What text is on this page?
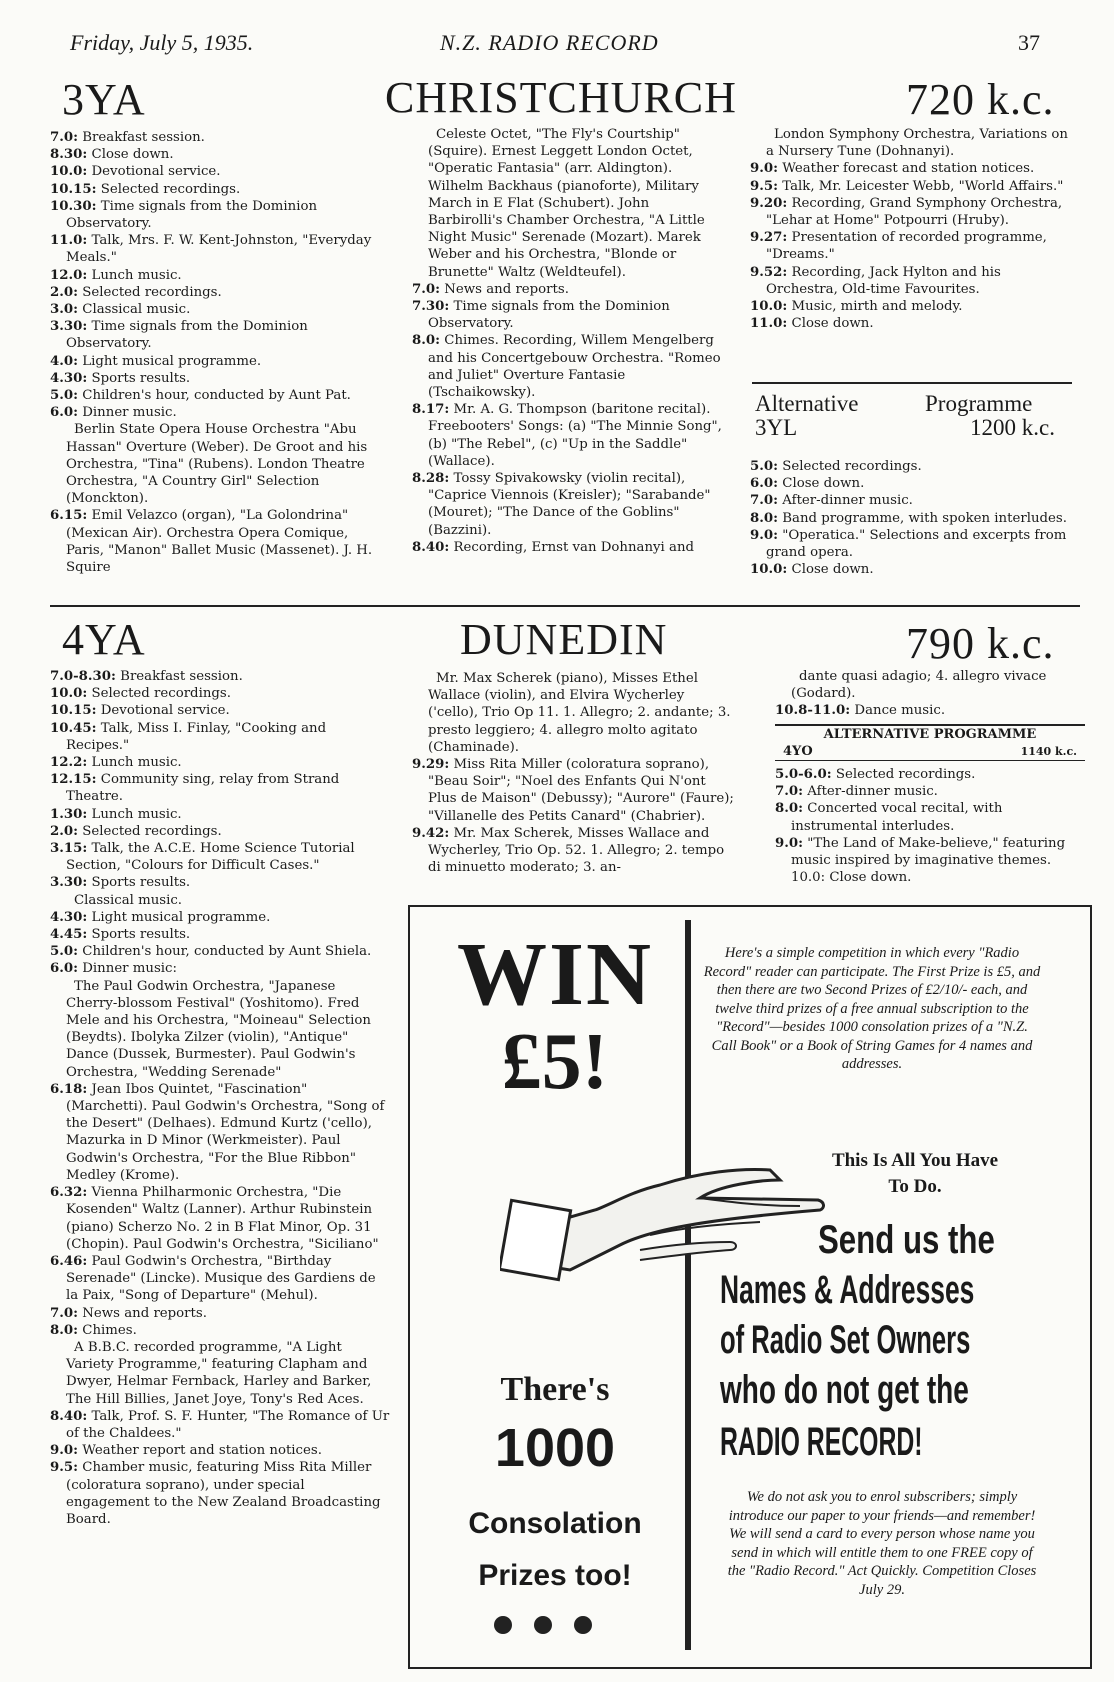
Friday, July 5, 1935.	N.Z. RADIO RECORD	37
3YA	CHRISTCHURCH	720 k.c.

7.0: Breakfast session.

8.30: Close down.

10.0: Devotional service.

10.15: Selected recordings.

10.30: Time signals from the Dominion Observatory.

11.0: Talk, Mrs. F. W. Kent-Johnston, "Everyday Meals."

12.0: Lunch music.

2.0: Selected recordings.

3.0: Classical music.

3.30: Time signals from the Dominion Observatory.

4.0: Light musical programme.

4.30: Sports results.

5.0: Children's hour, conducted by Aunt Pat.

6.0: Dinner music.

Berlin State Opera House Orchestra "Abu Hassan" Overture (Weber). De Groot and his Orchestra, "Tina" (Rubens). London Theatre Orchestra, "A Country Girl" Selection (Monckton).

6.15: Emil Velazco (organ), "La Golondrina" (Mexican Air). Orchestra Opera Comique, Paris, "Manon" Ballet Music (Massenet). J. H. Squire

Celeste Octet, "The Fly's Courtship" (Squire). Ernest Leggett London Octet, "Operatic Fantasia" (arr. Aldington). Wilhelm Backhaus (pianoforte), Military March in E Flat (Schubert). John Barbirolli's Chamber Orchestra, "A Little Night Music" Serenade (Mozart). Marek Weber and his Orchestra, "Blonde or Brunette" Waltz (Weldteufel).

7.0: News and reports.

7.30: Time signals from the Dominion Observatory.

8.0: Chimes. Recording, Willem Mengelberg and his Concertgebouw Orchestra. "Romeo and Juliet" Overture Fantasie (Tschaikowsky).

8.17: Mr. A. G. Thompson (baritone recital). Freebooters' Songs: (a) "The Minnie Song", (b) "The Rebel", (c) "Up in the Saddle" (Wallace).

8.28: Tossy Spivakowsky (violin recital), "Caprice Viennois (Kreisler); "Sarabande" (Mouret); "The Dance of the Goblins" (Bazzini).

8.40: Recording, Ernst van Dohnanyi and

London Symphony Orchestra, Variations on a Nursery Tune (Dohnanyi).

9.0: Weather forecast and station notices.

9.5: Talk, Mr. Leicester Webb, "World Affairs."

9.20: Recording, Grand Symphony Orchestra, "Lehar at Home" Potpourri (Hruby).

9.27: Presentation of recorded programme, "Dreams."

9.52: Recording, Jack Hylton and his Orchestra, Old-time Favourites.

10.0: Music, mirth and melody.

11.0: Close down.

Alternative	Programme

3YL	1200 k.c.

5.0: Selected recordings.

6.0: Close down.

7.0: After-dinner music.

8.0: Band programme, with spoken interludes.

9.0: "Operatica." Selections and excerpts from grand opera.

10.0: Close down.

4YA	DUNEDIN	790 k.c.

7.0-8.30: Breakfast session.

10.0: Selected recordings.

10.15: Devotional service.

10.45: Talk, Miss I. Finlay, "Cooking and Recipes."

12.2: Lunch music.

12.15: Community sing, relay from Strand Theatre.

1.30: Lunch music.

2.0: Selected recordings.

3.15: Talk, the A.C.E. Home Science Tutorial Section, "Colours for Difficult Cases."

3.30: Sports results.

Classical music.

4.30: Light musical programme.

4.45: Sports results.

5.0: Children's hour, conducted by Aunt Shiela.

6.0: Dinner music:

The Paul Godwin Orchestra, "Japanese Cherry-blossom Festival" (Yoshitomo). Fred Mele and his Orchestra, "Moineau" Selection (Beydts). Ibolyka Zilzer (violin), "Antique" Dance (Dussek, Burmester). Paul Godwin's Orchestra, "Wedding Serenade"

6.18: Jean Ibos Quintet, "Fascination" (Marchetti). Paul Godwin's Orchestra, "Song of the Desert" (Delhaes). Edmund Kurtz ('cello), Mazurka in D Minor (Werkmeister). Paul Godwin's Orchestra, "For the Blue Ribbon" Medley (Krome).

6.32: Vienna Philharmonic Orchestra, "Die Kosenden" Waltz (Lanner). Arthur Rubinstein (piano) Scherzo No. 2 in B Flat Minor, Op. 31 (Chopin). Paul Godwin's Orchestra, "Siciliano"

6.46: Paul Godwin's Orchestra, "Birthday Serenade" (Lincke). Musique des Gardiens de la Paix, "Song of Departure" (Mehul).

7.0: News and reports.

8.0: Chimes.

A B.B.C. recorded programme, "A Light Variety Programme," featuring Clapham and Dwyer, Helmar Fernback, Harley and Barker, The Hill Billies, Janet Joye, Tony's Red Aces.

8.40: Talk, Prof. S. F. Hunter, "The Romance of Ur of the Chaldees."

9.0: Weather report and station notices.

9.5: Chamber music, featuring Miss Rita Miller (coloratura soprano), under special engagement to the New Zealand Broadcasting Board.

Mr. Max Scherek (piano), Misses Ethel Wallace (violin), and Elvira Wycherley ('cello), Trio Op 11. 1. Allegro; 2. andante; 3. presto leggiero; 4. allegro molto agitato (Chaminade).

9.29: Miss Rita Miller (coloratura soprano), "Beau Soir"; "Noel des Enfants Qui N'ont Plus de Maison" (Debussy); "Aurore" (Faure); "Villanelle des Petits Canard" (Chabrier).

9.42: Mr. Max Scherek, Misses Wallace and Wycherley, Trio Op. 52. 1. Allegro; 2. tempo di minuetto moderato; 3. an-

dante quasi adagio; 4. allegro vivace (Godard).

10.8-11.0: Dance music.

ALTERNATIVE PROGRAMME
4YO	1140 k.c.

5.0-6.0: Selected recordings.

7.0: After-dinner music.

8.0: Concerted vocal recital, with instrumental interludes.

9.0: "The Land of Make-believe," featuring music inspired by imaginative themes. 10.0: Close down.

WIN
£5!
Here's a simple competition in which every "Radio Record" reader can participate. The First Prize is £5, and then there are two Second Prizes of £2/10/- each, and twelve third prizes of a free annual subscription to the "Record"—besides 1000 consolation prizes of a "N.Z. Call Book" or a Book of String Games for 4 names and addresses.
This Is All You Have To Do.
Send us the
Names & Addresses
of Radio Set Owners
who do not get the
RADIO RECORD!
There's
1000
Consolation
Prizes too!
We do not ask you to enrol subscribers; simply introduce our paper to your friends—and remember! We will send a card to every person whose name you send in which will entitle them to one FREE copy of the "Radio Record." Act Quickly. Competition Closes July 29.
